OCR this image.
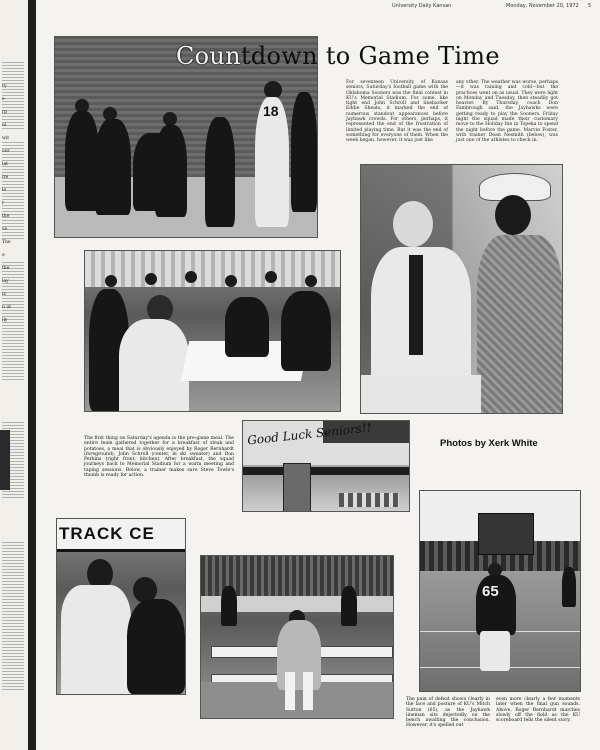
ry
e
rp
ni
wit
oor
lat
ire
le
r
the
ve
The
e
the
lay
iz
n ut
ily
University Daily Kansan	Monday, November 20, 1972 5
18
Countdown to Game Time
For seventeen University of Kansas seniors, Saturday's football game with the Oklahoma Sooners was the final contest in KU's Memorial Stadium. For some, like tight end John Schroll and linebacker Eddie Sheats, it marked the end of numerous standout appearances before Jayhawk crowds. For others, perhaps, it represented the end of the frustration of limited playing time. But it was the end of something for everyone of them. When the week began, however, it was just like
any other. The weather was worse, perhaps—it was raining and cold—but the practices went on as usual. They were light on Monday and Tuesday, then steadily got heavier. By Thursday, coach Don Fambrough said, the Jayhawks were getting ready to play the Sooners. Friday night the squad made their customary move to the Holiday Inn in Topeka to spend the night before the game. Marvin Foster, with trainer Dean Nesmith (below), was just one of the athletes to check in.
The first thing on Saturday's agenda is the pre-game meal. The entire team gathered together for a breakfast of steak and potatoes, a meal that is obviously enjoyed by Roger Bernhardt (foreground), John Schroll (center, in ski sweater) and Don Perkins (right front, kitchen). After breakfast, the squad journeys back to Memorial Stadium for a warm meeting and taping sessions. Below, a trainer makes sure Steve Towle's thumb is ready for action.
Good Luck Seniors!!	Photos by Xerk White
65
TRACK CE
The pain of defeat shows clearly in the face and posture of KU's Mitch Sutton (65), as the Jayhawk lineman sits dejectedly on the bench awaiting the conclusion. However, it's spelled out
even more clearly a few moments later when the final gun sounds. Above, Roger Bernhardt marches slowly off the field as the KU scoreboard tells the silent story.
